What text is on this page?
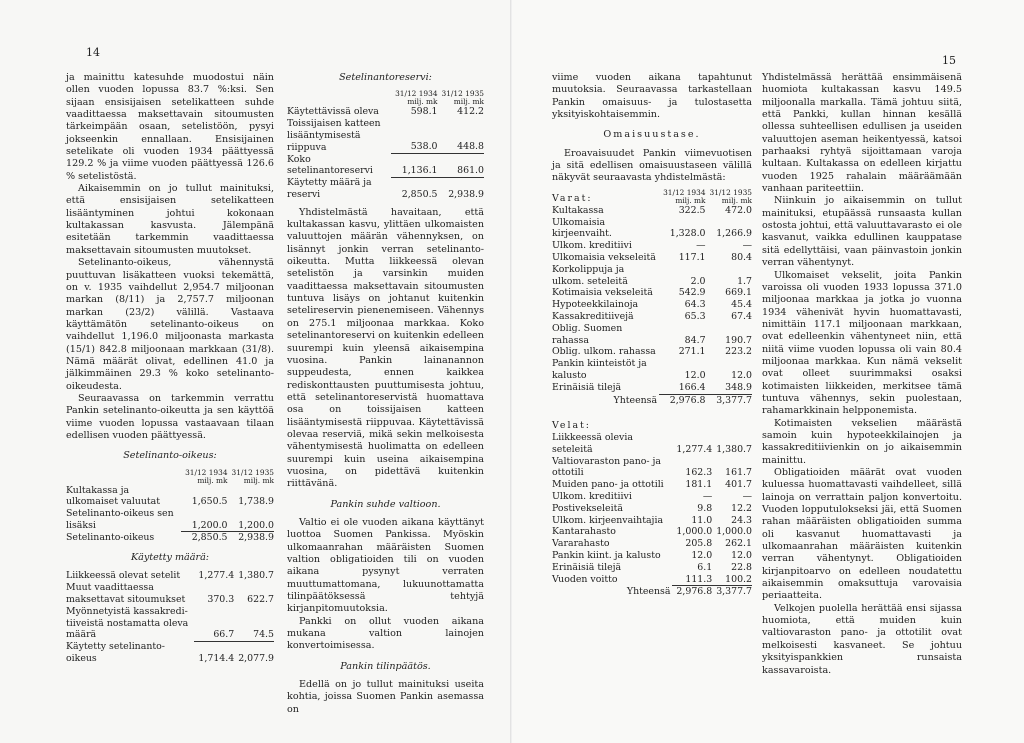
14

ja mainittu katesuhde muodostui näin ollen vuoden lopussa 83.7 %:ksi. Sen sijaan ensisijaisen setelikatteen suhde vaadittaessa maksettavain sitoumusten tärkeimpään osaan, setelistöön, pysyi jokseenkin ennallaan. Ensisijainen setelikate oli vuoden 1934 päättyessä 129.2 % ja viime vuoden päättyessä 126.6 % setelistöstä.

Aikaisemmin on jo tullut mainituksi, että ensisijaisen setelikatteen lisääntyminen johtui kokonaan kultakassan kasvusta. Jälempänä esitetään tarkemmin vaadittaessa maksettavain sitoumusten muutokset.

Setelinanto-oikeus, vähennystä puuttuvan lisäkatteen vuoksi tekemättä, on v. 1935 vaihdellut 2,954.7 miljoonan markan (8/11) ja 2,757.7 miljoonan markan (23/2) välillä. Vastaava käyttämätön setelinanto-oikeus on vaihdellut 1,196.0 miljoonasta markasta (15/1) 842.8 miljoonaan markkaan (31/8). Nämä määrät olivat, edellinen 41.0 ja jälkimmäinen 29.3 % koko setelinanto-oikeudesta.

Seuraavassa on tarkemmin verrattu Pankin setelinanto-oikeutta ja sen käyttöä viime vuoden lopussa vastaavaan tilaan edellisen vuoden päättyessä.

Setelinanto-oikeus:
	31/12 1934
milj. mk	31/12 1935
milj. mk
Kultakassa ja ulkomaiset valuutat	1,650.5	1,738.9
Setelinanto-oikeus sen lisäksi	1,200.0	1,200.0
Setelinanto-oikeus	2,850.5	2,938.9
Käytetty määrä:
Liikkeessä olevat setelit	1,277.4	1,380.7
Muut vaadittaessa maksettavat sitoumukset	370.3	622.7
Myönnetyistä kassakredi-tiiveistä nostamatta oleva määrä	66.7	74.5
Käytetty setelinanto-oikeus	1,714.4	2,077.9
Setelinantoreservi:
	31/12 1934
milj. mk	31/12 1935
milj. mk
Käytettävissä oleva	598.1	412.2
Toissijaisen katteen lisääntymisestä riippuva	538.0	448.8
Koko setelinantoreservi	1,136.1	861.0
Käytetty määrä ja reservi	2,850.5	2,938.9

Yhdistelmästä havaitaan, että kultakassan kasvu, ylittäen ulkomaisten valuuttojen määrän vähennyksen, on lisännyt jonkin verran setelinanto-oikeutta. Mutta liikkeessä olevan setelistön ja varsinkin muiden vaadittaessa maksettavain sitoumusten tuntuva lisäys on johtanut kuitenkin setelireservin pienenemiseen. Vähennys on 275.1 miljoonaa markkaa. Koko setelinantoreservi on kuitenkin edelleen suurempi kuin yleensä aikaisempina vuosina. Pankin lainanannon suppeudesta, ennen kaikkea rediskonttausten puuttumisesta johtuu, että setelinantoreservistä huomattava osa on toissijaisen katteen lisääntymisestä riippuvaa. Käytettävissä olevaa reserviä, mikä sekin melkoisesta vähentymisestä huolimatta on edelleen suurempi kuin useina aikaisempina vuosina, on pidettävä kuitenkin riittävänä.

Pankin suhde valtioon.

Valtio ei ole vuoden aikana käyttänyt luottoa Suomen Pankissa. Myöskin ulkomaanrahan määräisten Suomen valtion obligatioiden tili on vuoden aikana pysynyt verraten muuttumattomana, lukuunottamatta tilinpäätöksessä tehtyjä kirjanpitomuutoksia.

Pankki on ollut vuoden aikana mukana valtion lainojen konvertoimisessa.

Pankin tilinpäätös.

Edellä on jo tullut mainituksi useita kohtia, joissa Suomen Pankin asemassa on

15

viime vuoden aikana tapahtunut muutoksia. Seuraavassa tarkastellaan Pankin omaisuus- ja tulostasetta yksityiskohtaisemmin.

Omaisuustase.

Eroavaisuudet Pankin viimevuotisen ja sitä edellisen omaisuustaseen välillä näkyvät seuraavasta yhdistelmästä:

Varat:	31/12 1934
milj. mk	31/12 1935
milj. mk
Kultakassa	322.5	472.0
Ulkomaisia kirjeenvaiht.	1,328.0	1,266.9
Ulkom. kreditiivi	—	—
Ulkomaisia vekseleitä	117.1	80.4
Korkolippuja ja ulkom. seteleitä	2.0	1.7
Kotimaisia vekseleitä	542.9	669.1
Hypoteekkilainoja	64.3	45.4
Kassakreditiivejä	65.3	67.4
Oblig. Suomen rahassa	84.7	190.7
Oblig. ulkom. rahassa	271.1	223.2
Pankin kiinteistöt ja kalusto	12.0	12.0
Erinäisiä tilejä	166.4	348.9
Yhteensä	2,976.8	3,377.7
Velat:		
Liikkeessä olevia seteleitä	1,277.4	1,380.7
Valtiovaraston pano- ja ottotili	162.3	161.7
Muiden pano- ja ottotili	181.1	401.7
Ulkom. kreditiivi	—	—
Postivekseleitä	9.8	12.2
Ulkom. kirjeenvaihtajia	11.0	24.3
Kantarahasto	1,000.0	1,000.0
Vararahasto	205.8	262.1
Pankin kiint. ja kalusto	12.0	12.0
Erinäisiä tilejä	6.1	22.8
Vuoden voitto	111.3	100.2
Yhteensä	2,976.8	3,377.7

Yhdistelmässä herättää ensimmäisenä huomiota kultakassan kasvu 149.5 miljoonalla markalla. Tämä johtuu siitä, että Pankki, kullan hinnan kesällä ollessa suhteellisen edullisen ja useiden valuuttojen aseman heikentyessä, katsoi parhaaksi ryhtyä sijoittamaan varoja kultaan. Kultakassa on edelleen kirjattu vuoden 1925 rahalain määräämään vanhaan pariteettiin.

Niinkuin jo aikaisemmin on tullut mainituksi, etupäässä runsaasta kullan ostosta johtui, että valuuttavarasto ei ole kasvanut, vaikka edullinen kauppatase sitä edellyttäisi, vaan päinvastoin jonkin verran vähentynyt.

Ulkomaiset vekselit, joita Pankin varoissa oli vuoden 1933 lopussa 371.0 miljoonaa markkaa ja jotka jo vuonna 1934 vähenivät hyvin huomattavasti, nimittäin 117.1 miljoonaan markkaan, ovat edelleenkin vähentyneet niin, että niitä viime vuoden lopussa oli vain 80.4 miljoonaa markkaa. Kun nämä vekselit ovat olleet suurimmaksi osaksi kotimaisten liikkeiden, merkitsee tämä tuntuva vähennys, sekin puolestaan, rahamarkkinain helpponemista.

Kotimaisten vekselien määrästä samoin kuin hypoteekkilainojen ja kassakreditiivienkin on jo aikaisemmin mainittu.

Obligatioiden määrät ovat vuoden kuluessa huomattavasti vaihdelleet, sillä lainoja on verrattain paljon konvertoitu. Vuoden lopputulokseksi jäi, että Suomen rahan määräisten obligatioiden summa oli kasvanut huomattavasti ja ulkomaanrahan määräisten kuitenkin verran vähentynyt. Obligatioiden kirjanpitoarvo on edelleen noudatettu aikaisemmin omaksuttuja varovaisia periaatteita.

Velkojen puolella herättää ensi sijassa huomiota, että muiden kuin valtiovaraston pano- ja ottotilit ovat melkoisesti kasvaneet. Se johtuu yksityispankkien runsaista kassavaroista.
